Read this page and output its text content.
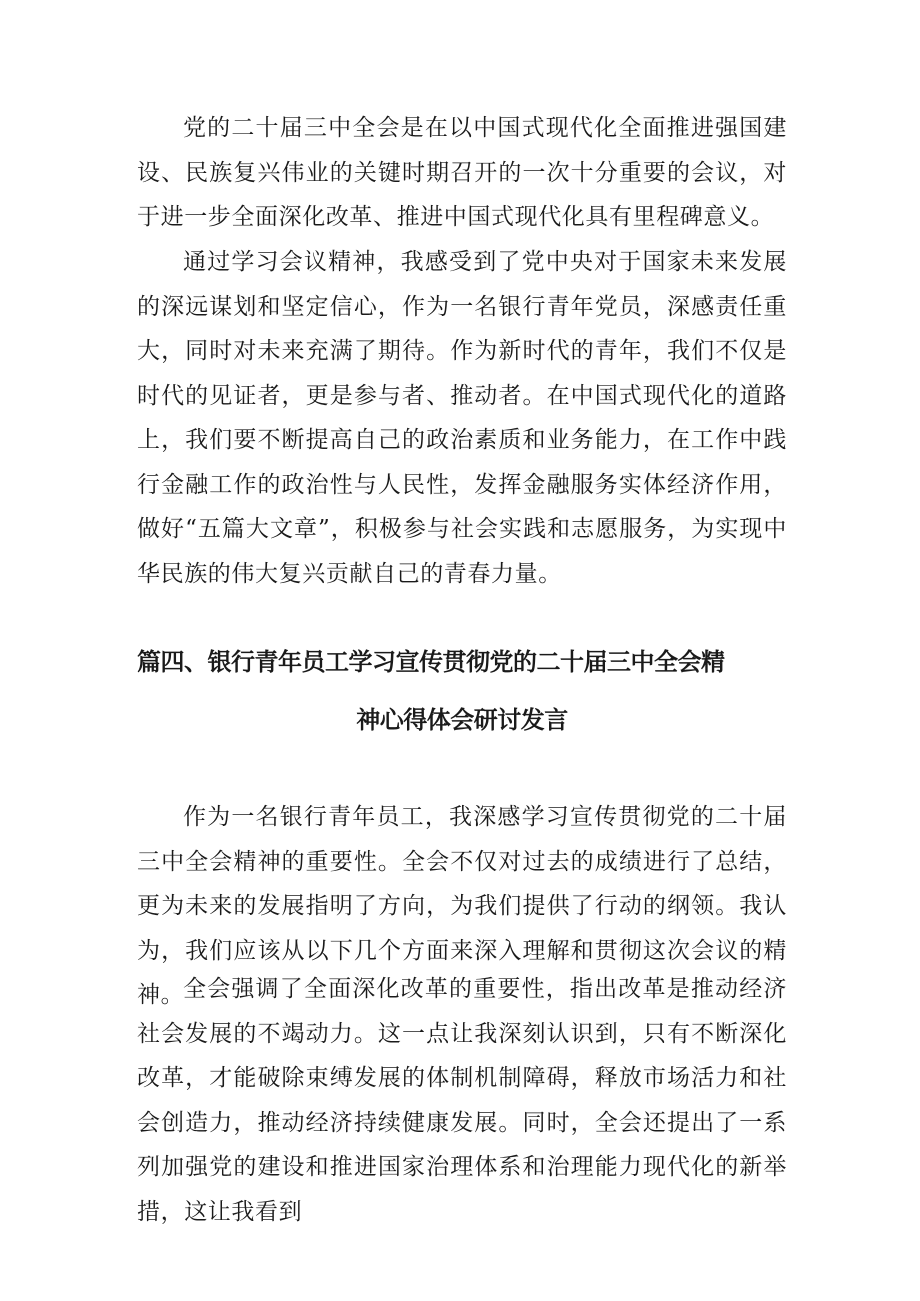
党的二十届三中全会是在以中国式现代化全面推进强国建设、民族复兴伟业的关键时期召开的一次十分重要的会议，对于进一步全面深化改革、推进中国式现代化具有里程碑意义。

通过学习会议精神，我感受到了党中央对于国家未来发展的深远谋划和坚定信心，作为一名银行青年党员，深感责任重大，同时对未来充满了期待。作为新时代的青年，我们不仅是时代的见证者，更是参与者、推动者。在中国式现代化的道路上，我们要不断提高自己的政治素质和业务能力，在工作中践行金融工作的政治性与人民性，发挥金融服务实体经济作用，做好“五篇大文章”，积极参与社会实践和志愿服务，为实现中华民族的伟大复兴贡献自己的青春力量。

篇四、银行青年员工学习宣传贯彻党的二十届三中全会精
神心得体会研讨发言

作为一名银行青年员工，我深感学习宣传贯彻党的二十届三中全会精神的重要性。全会不仅对过去的成绩进行了总结，更为未来的发展指明了方向，为我们提供了行动的纲领。我认为，我们应该从以下几个方面来深入理解和贯彻这次会议的精神。

全会强调了全面深化改革的重要性，指出改革是推动经济社会发展的不竭动力。这一点让我深刻认识到，只有不断深化改革，才能破除束缚发展的体制机制障碍，释放市场活力和社会创造力，推动经济持续健康发展。同时，全会还提出了一系列加强党的建设和推进国家治理体系和治理能力现代化的新举措，这让我看到
